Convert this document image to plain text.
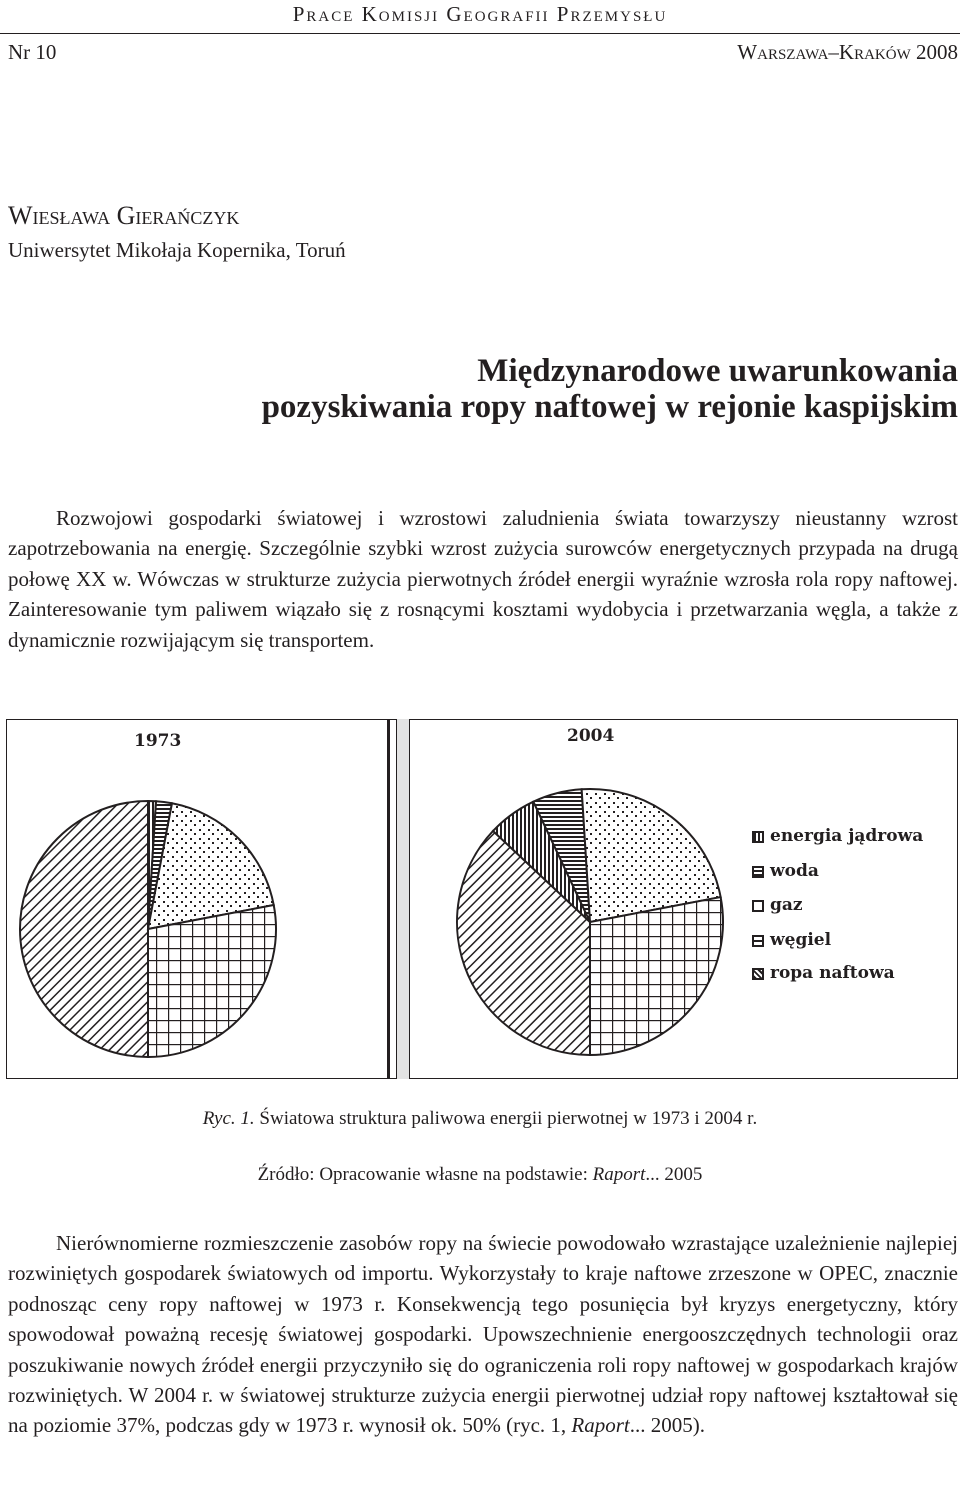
Prace Komisji Geografii Przemysłu
Nr 10	Warszawa–Kraków 2008
Wiesława Gierańczyk
Uniwersytet Mikołaja Kopernika, Toruń
Międzynarodowe uwarunkowania
pozyskiwania ropy naftowej w rejonie kaspijskim

Rozwojowi gospodarki światowej i wzrostowi zaludnienia świata towarzyszy nieustanny wzrost zapotrzebowania na energię. Szczególnie szybki wzrost zużycia surowców energetycznych przypada na drugą połowę XX w. Wówczas w strukturze zużycia pierwotnych źródeł energii wyraźnie wzrosła rola ropy naftowej. Zainteresowanie tym paliwem wiązało się z rosnącymi kosztami wydobycia i przetwarzania węgla, a także z dynamicznie rozwijającym się transportem.

1973	2004
energia jądrowa
woda
gaz
węgiel
ropa naftowa
Ryc. 1. Światowa struktura paliwowa energii pierwotnej w 1973 i 2004 r.
Źródło: Opracowanie własne na podstawie: Raport... 2005

Nierównomierne rozmieszczenie zasobów ropy na świecie powodowało wzrastające uzależnienie najlepiej rozwiniętych gospodarek światowych od importu. Wykorzystały to kraje naftowe zrzeszone w OPEC, znacznie podnosząc ceny ropy naftowej w 1973 r. Konsekwencją tego posunięcia był kryzys energetyczny, który spowodował poważną recesję światowej gospodarki. Upowszechnienie energooszczędnych technologii oraz poszukiwanie nowych źródeł energii przyczyniło się do ograniczenia roli ropy naftowej w gospodarkach krajów rozwiniętych. W 2004 r. w światowej strukturze zużycia energii pierwotnej udział ropy naftowej kształtował się na poziomie 37%, podczas gdy w 1973 r. wynosił ok. 50% (ryc. 1, Raport... 2005).
